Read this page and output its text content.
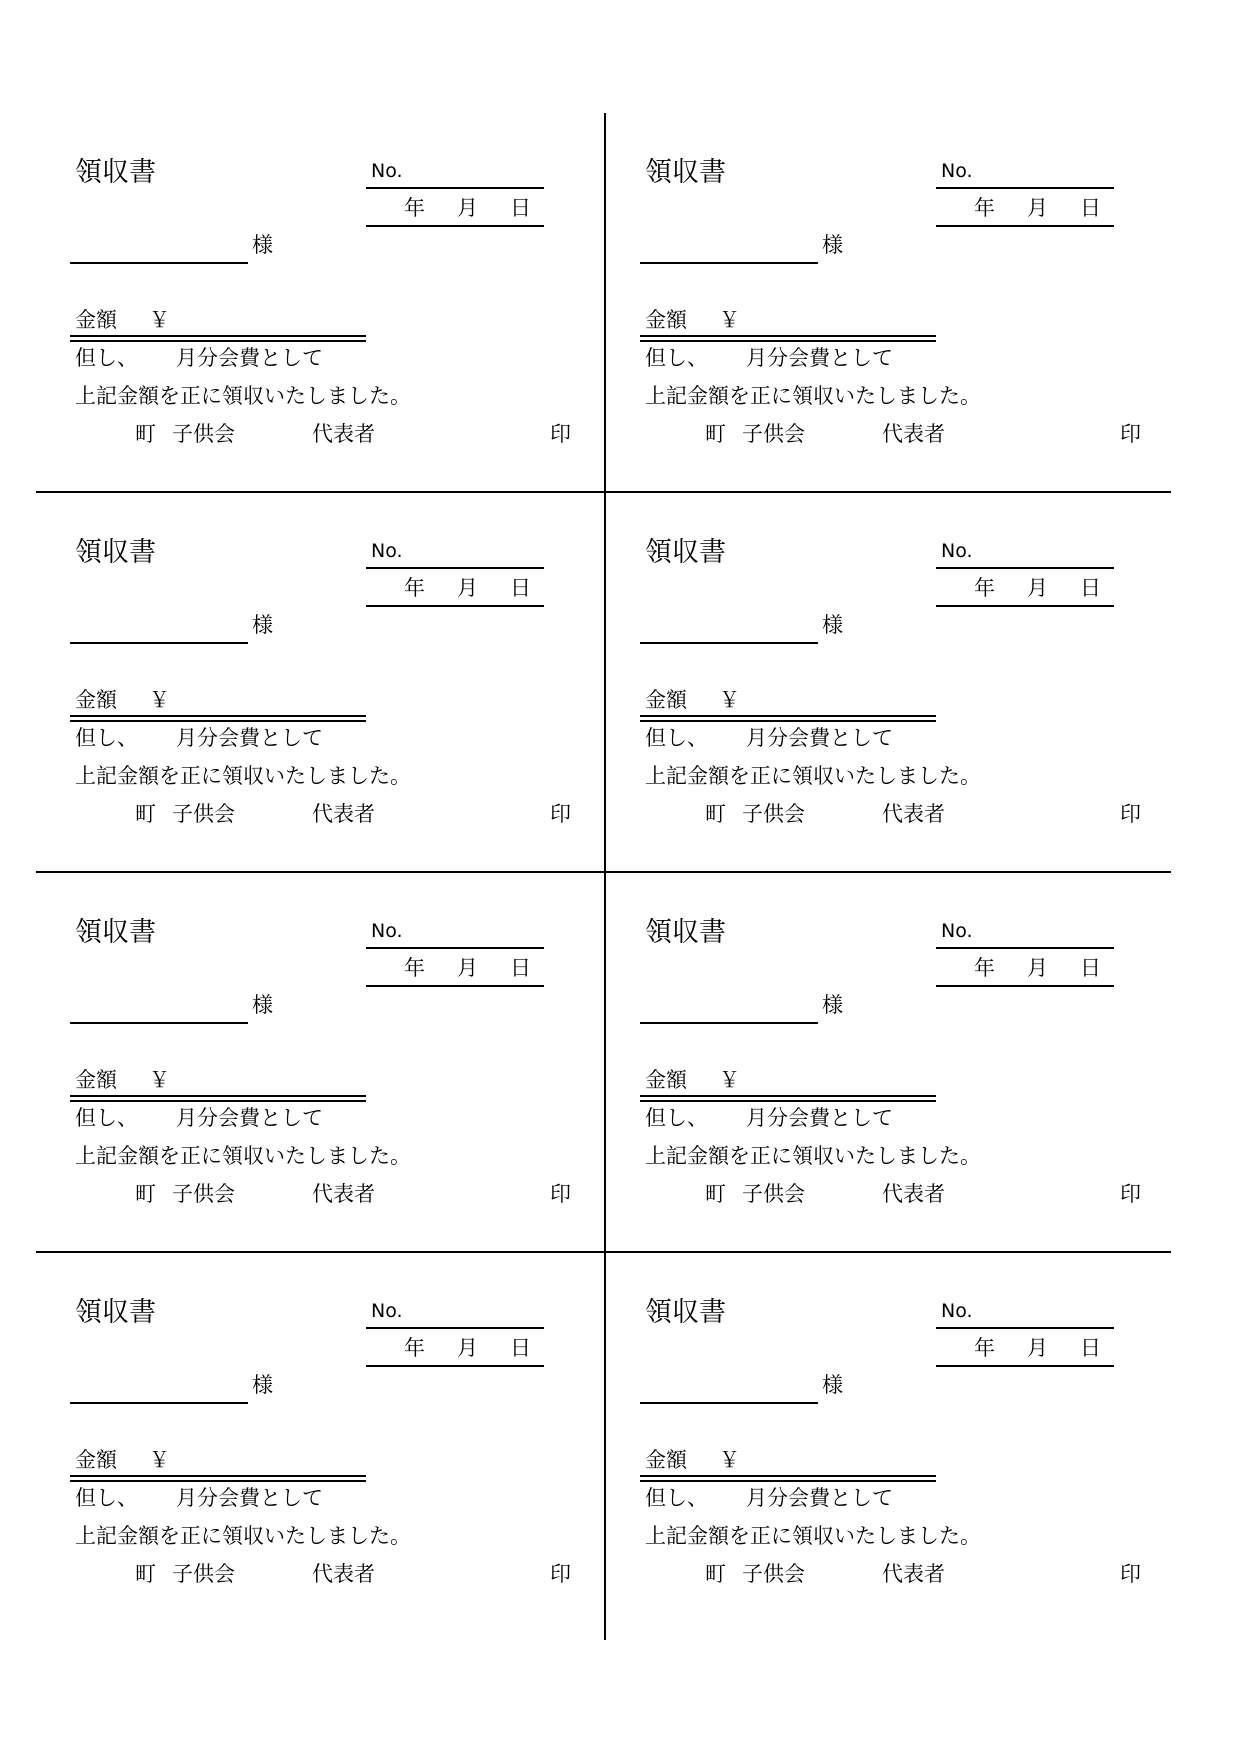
領収書	No.
年 月 日
様
金額 ￥
但し、 月分会費として
上記金額を正に領収いたしました。
町 子供会	代表者	印
領収書	No.
年 月 日
様
金額 ￥
但し、 月分会費として
上記金額を正に領収いたしました。
町 子供会	代表者	印
領収書	No.
年 月 日
様
金額 ￥
但し、 月分会費として
上記金額を正に領収いたしました。
町 子供会	代表者	印
領収書	No.
年 月 日
様
金額 ￥
但し、 月分会費として
上記金額を正に領収いたしました。
町 子供会	代表者	印
領収書	No.
年 月 日
様
金額 ￥
但し、 月分会費として
上記金額を正に領収いたしました。
町 子供会	代表者	印
領収書	No.
年 月 日
様
金額 ￥
但し、 月分会費として
上記金額を正に領収いたしました。
町 子供会	代表者	印
領収書	No.
年 月 日
様
金額 ￥
但し、 月分会費として
上記金額を正に領収いたしました。
町 子供会	代表者	印
領収書	No.
年 月 日
様
金額 ￥
但し、 月分会費として
上記金額を正に領収いたしました。
町 子供会	代表者	印
